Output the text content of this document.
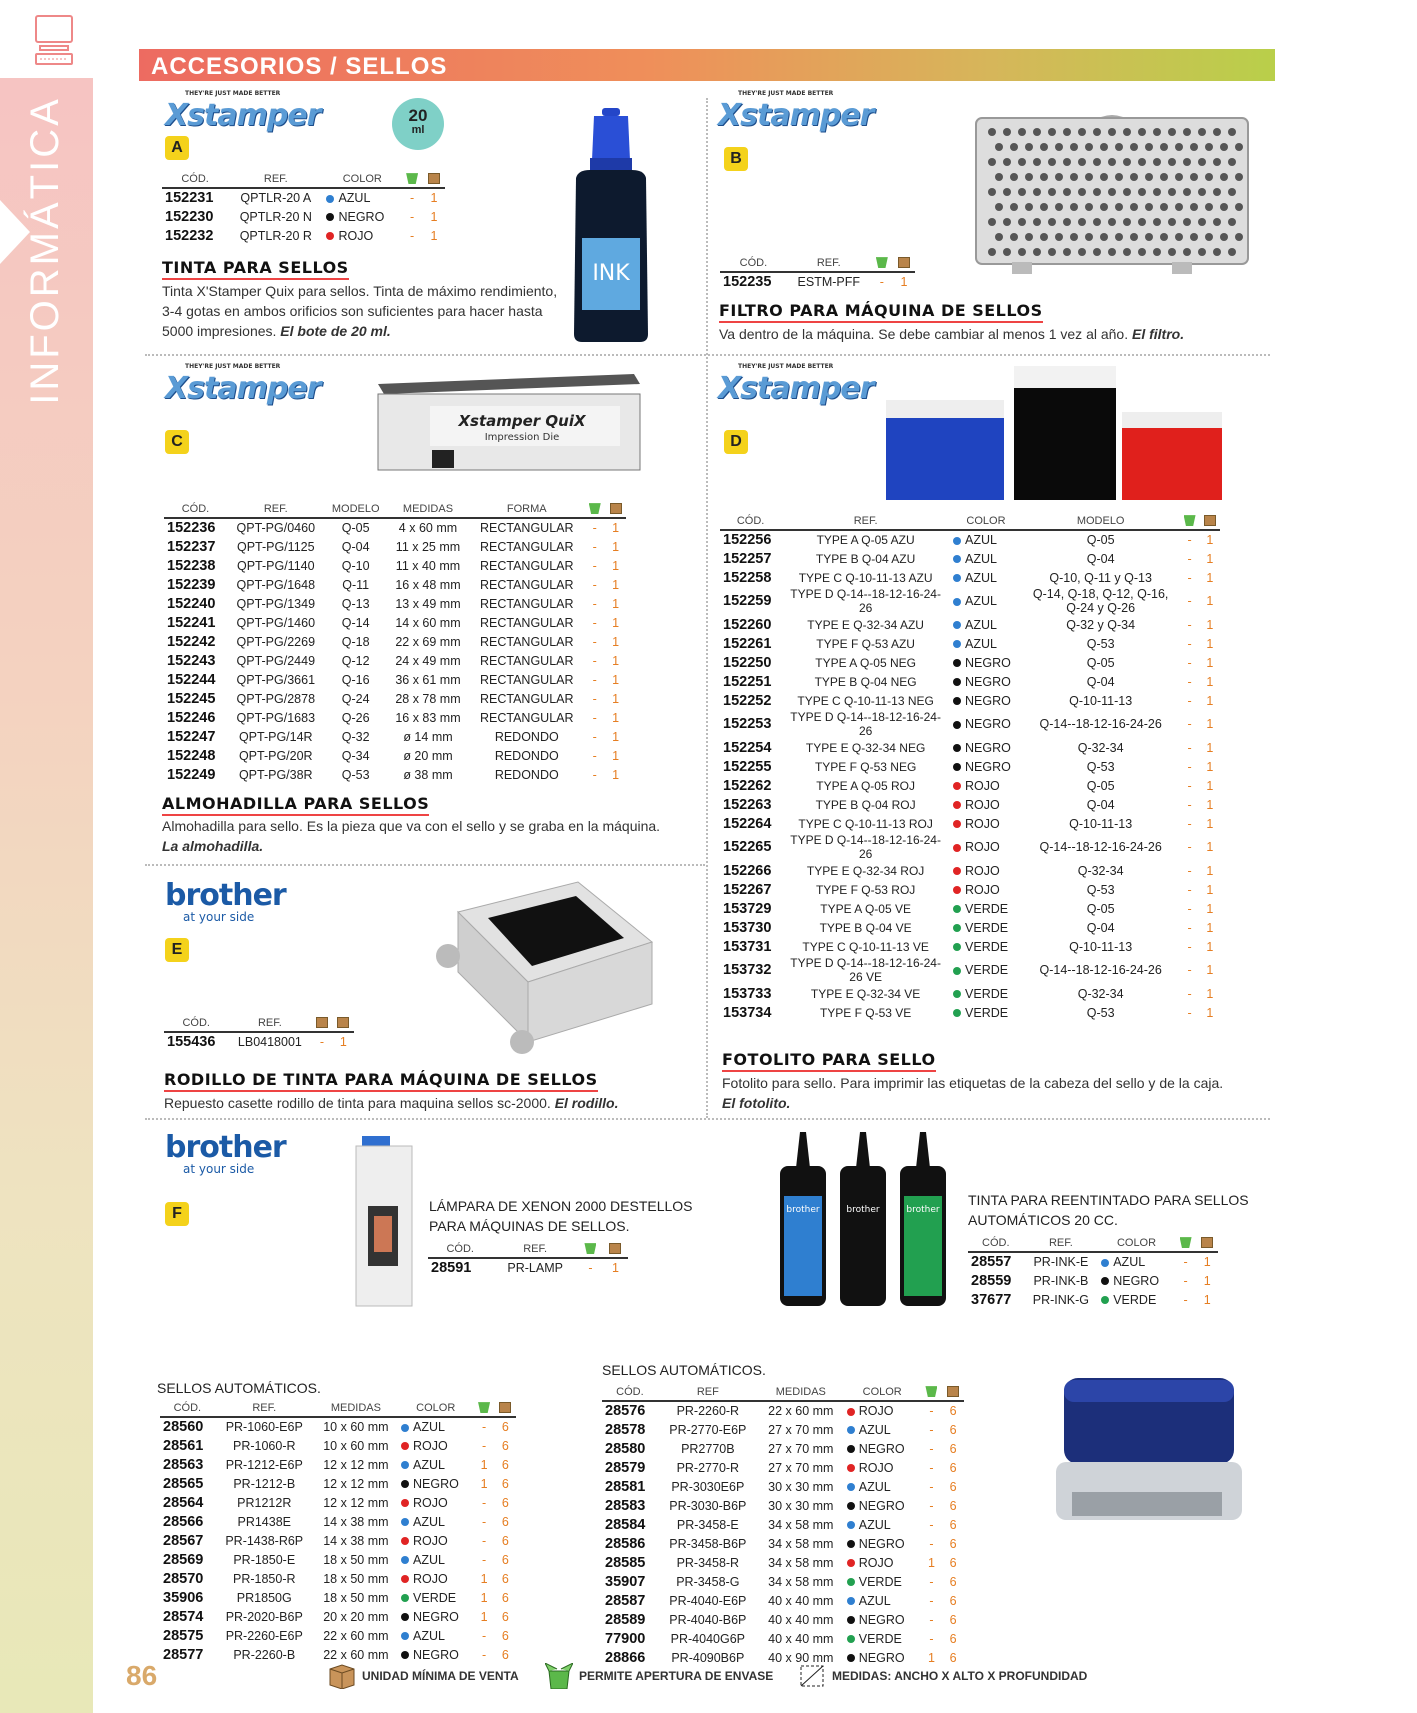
INFORMÁTICA
ACCESORIOS / SELLOS
THEY'RE JUST MADE BETTER
Xstamper
A
20
ml
CÓD.	REF.	COLOR		
152231	QPTLR-20 A	AZUL	-	1
152230	QPTLR-20 N	NEGRO	-	1
152232	QPTLR-20 R	ROJO	-	1
INK
TINTA PARA SELLOS
Tinta X'Stamper Quix para sellos. Tinta de máximo rendimiento, 3-4 gotas en ambos orificios son suficientes para hacer hasta 5000 impresiones. El bote de 20 ml.
THEY'RE JUST MADE BETTER
Xstamper
B
CÓD.	REF.		
152235	ESTM-PFF	-	1
FILTRO PARA MÁQUINA DE SELLOS
Va dentro de la máquina. Se debe cambiar al menos 1 vez al año. El filtro.
THEY'RE JUST MADE BETTER
Xstamper
C
Xstamper QuiX
Impression Die
CÓD.	REF.	MODELO	MEDIDAS	FORMA		
152236	QPT-PG/0460	Q-05	4 x 60 mm	RECTANGULAR	-	1
152237	QPT-PG/1125	Q-04	11 x 25 mm	RECTANGULAR	-	1
152238	QPT-PG/1140	Q-10	11 x 40 mm	RECTANGULAR	-	1
152239	QPT-PG/1648	Q-11	16 x 48 mm	RECTANGULAR	-	1
152240	QPT-PG/1349	Q-13	13 x 49 mm	RECTANGULAR	-	1
152241	QPT-PG/1460	Q-14	14 x 60 mm	RECTANGULAR	-	1
152242	QPT-PG/2269	Q-18	22 x 69 mm	RECTANGULAR	-	1
152243	QPT-PG/2449	Q-12	24 x 49 mm	RECTANGULAR	-	1
152244	QPT-PG/3661	Q-16	36 x 61 mm	RECTANGULAR	-	1
152245	QPT-PG/2878	Q-24	28 x 78 mm	RECTANGULAR	-	1
152246	QPT-PG/1683	Q-26	16 x 83 mm	RECTANGULAR	-	1
152247	QPT-PG/14R	Q-32	ø 14 mm	REDONDO	-	1
152248	QPT-PG/20R	Q-34	ø 20 mm	REDONDO	-	1
152249	QPT-PG/38R	Q-53	ø 38 mm	REDONDO	-	1
ALMOHADILLA PARA SELLOS
Almohadilla para sello. Es la pieza que va con el sello y se graba en la máquina.
La almohadilla.
THEY'RE JUST MADE BETTER
Xstamper
D
CÓD.	REF.	COLOR	MODELO		
152256	TYPE A Q-05 AZU	AZUL	Q-05	-	1
152257	TYPE B Q-04 AZU	AZUL	Q-04	-	1
152258	TYPE C Q-10-11-13 AZU	AZUL	Q-10, Q-11 y Q-13	-	1
152259	TYPE D Q-14--18-12-16-24-26	AZUL	Q-14, Q-18, Q-12, Q-16, Q-24 y Q-26	-	1
152260	TYPE E Q-32-34 AZU	AZUL	Q-32 y Q-34	-	1
152261	TYPE F Q-53 AZU	AZUL	Q-53	-	1
152250	TYPE A Q-05 NEG	NEGRO	Q-05	-	1
152251	TYPE B Q-04 NEG	NEGRO	Q-04	-	1
152252	TYPE C Q-10-11-13 NEG	NEGRO	Q-10-11-13	-	1
152253	TYPE D Q-14--18-12-16-24-26	NEGRO	Q-14--18-12-16-24-26	-	1
152254	TYPE E Q-32-34 NEG	NEGRO	Q-32-34	-	1
152255	TYPE F Q-53 NEG	NEGRO	Q-53	-	1
152262	TYPE A Q-05 ROJ	ROJO	Q-05	-	1
152263	TYPE B Q-04 ROJ	ROJO	Q-04	-	1
152264	TYPE C Q-10-11-13 ROJ	ROJO	Q-10-11-13	-	1
152265	TYPE D Q-14--18-12-16-24-26	ROJO	Q-14--18-12-16-24-26	-	1
152266	TYPE E Q-32-34 ROJ	ROJO	Q-32-34	-	1
152267	TYPE F Q-53 ROJ	ROJO	Q-53	-	1
153729	TYPE A Q-05 VE	VERDE	Q-05	-	1
153730	TYPE B Q-04 VE	VERDE	Q-04	-	1
153731	TYPE C Q-10-11-13 VE	VERDE	Q-10-11-13	-	1
153732	TYPE D Q-14--18-12-16-24-26 VE	VERDE	Q-14--18-12-16-24-26	-	1
153733	TYPE E Q-32-34 VE	VERDE	Q-32-34	-	1
153734	TYPE F Q-53 VE	VERDE	Q-53	-	1
FOTOLITO PARA SELLO
Fotolito para sello. Para imprimir las etiquetas de la cabeza del sello y de la caja.
El fotolito.
brother
at your side
E
CÓD.	REF.		
155436	LB0418001	-	1
RODILLO DE TINTA PARA MÁQUINA DE SELLOS
Repuesto casette rodillo de tinta para maquina sellos sc-2000. El rodillo.
brother
at your side
F	LÁMPARA DE XENON 2000 DESTELLOS PARA MÁQUINAS DE SELLOS.
CÓD.	REF.		
28591	PR-LAMP	-	1
brother	brother	brother
TINTA PARA REENTINTADO PARA SELLOS AUTOMÁTICOS 20 CC.
CÓD.	REF.	COLOR		
28557	PR-INK-E	AZUL	-	1
28559	PR-INK-B	NEGRO	-	1
37677	PR-INK-G	VERDE	-	1
SELLOS AUTOMÁTICOS.
CÓD.	REF.	MEDIDAS	COLOR		
28560	PR-1060-E6P	10 x 60 mm	AZUL	-	6
28561	PR-1060-R	10 x 60 mm	ROJO	-	6
28563	PR-1212-E6P	12 x 12 mm	AZUL	1	6
28565	PR-1212-B	12 x 12 mm	NEGRO	1	6
28564	PR1212R	12 x 12 mm	ROJO	-	6
28566	PR1438E	14 x 38 mm	AZUL	-	6
28567	PR-1438-R6P	14 x 38 mm	ROJO	-	6
28569	PR-1850-E	18 x 50 mm	AZUL	-	6
28570	PR-1850-R	18 x 50 mm	ROJO	1	6
35906	PR1850G	18 x 50 mm	VERDE	1	6
28574	PR-2020-B6P	20 x 20 mm	NEGRO	1	6
28575	PR-2260-E6P	22 x 60 mm	AZUL	-	6
28577	PR-2260-B	22 x 60 mm	NEGRO	-	6
SELLOS AUTOMÁTICOS.
CÓD.	REF	MEDIDAS	COLOR		
28576	PR-2260-R	22 x 60 mm	ROJO	-	6
28578	PR-2770-E6P	27 x 70 mm	AZUL	-	6
28580	PR2770B	27 x 70 mm	NEGRO	-	6
28579	PR-2770-R	27 x 70 mm	ROJO	-	6
28581	PR-3030E6P	30 x 30 mm	AZUL	-	6
28583	PR-3030-B6P	30 x 30 mm	NEGRO	-	6
28584	PR-3458-E	34 x 58 mm	AZUL	-	6
28586	PR-3458-B6P	34 x 58 mm	NEGRO	-	6
28585	PR-3458-R	34 x 58 mm	ROJO	1	6
35907	PR-3458-G	34 x 58 mm	VERDE	-	6
28587	PR-4040-E6P	40 x 40 mm	AZUL	-	6
28589	PR-4040-B6P	40 x 40 mm	NEGRO	-	6
77900	PR-4040G6P	40 x 40 mm	VERDE	-	6
28866	PR-4090B6P	40 x 90 mm	NEGRO	1	6
86	UNIDAD MÍNIMA DE VENTA	PERMITE APERTURA DE ENVASE	MEDIDAS: ANCHO X ALTO X PROFUNDIDAD
